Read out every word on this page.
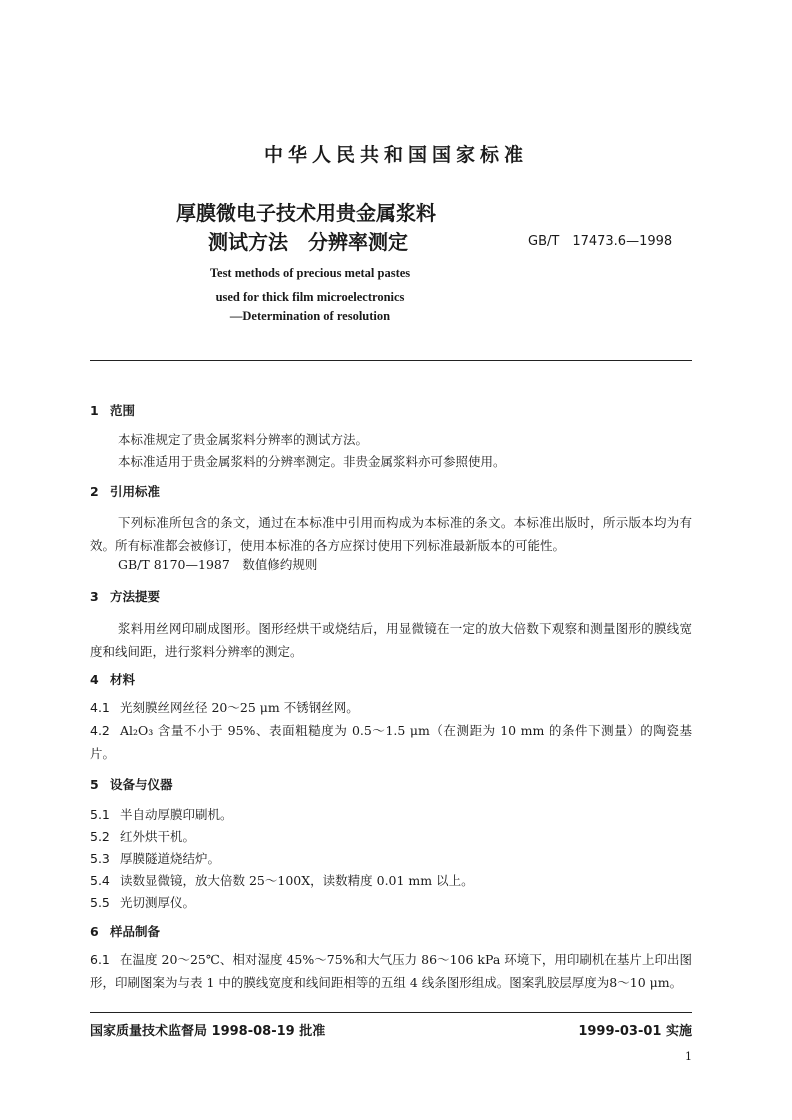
中华人民共和国国家标准
厚膜微电子技术用贵金属浆料
测试方法　分辨率测定	GB/T　17473.6—1998
Test methods of precious metal pastes
used for thick film microelectronics
—Determination of resolution
1 范围
本标准规定了贵金属浆料分辨率的测试方法。
本标准适用于贵金属浆料的分辨率测定。非贵金属浆料亦可参照使用。
2 引用标准
下列标准所包含的条文，通过在本标准中引用而构成为本标准的条文。本标准出版时，所示版本均为有效。所有标准都会被修订，使用本标准的各方应探讨使用下列标准最新版本的可能性。
GB/T 8170—1987　数值修约规则
3 方法提要
浆料用丝网印刷成图形。图形经烘干或烧结后，用显微镜在一定的放大倍数下观察和测量图形的膜线宽度和线间距，进行浆料分辨率的测定。
4 材料
4.1 光刻膜丝网丝径 20～25 μm 不锈钢丝网。
4.2 Al₂O₃ 含量不小于 95%、表面粗糙度为 0.5～1.5 μm（在测距为 10 mm 的条件下测量）的陶瓷基片。
5 设备与仪器
5.1 半自动厚膜印刷机。
5.2 红外烘干机。
5.3 厚膜隧道烧结炉。
5.4 读数显微镜，放大倍数 25～100X，读数精度 0.01 mm 以上。
5.5 光切测厚仪。
6 样品制备
6.1 在温度 20～25℃、相对湿度 45%～75%和大气压力 86～106 kPa 环境下，用印刷机在基片上印出图形，印刷图案为与表 1 中的膜线宽度和线间距相等的五组 4 线条图形组成。图案乳胶层厚度为8～10 μm。
国家质量技术监督局 1998-08-19 批准	1999-03-01 实施
1
